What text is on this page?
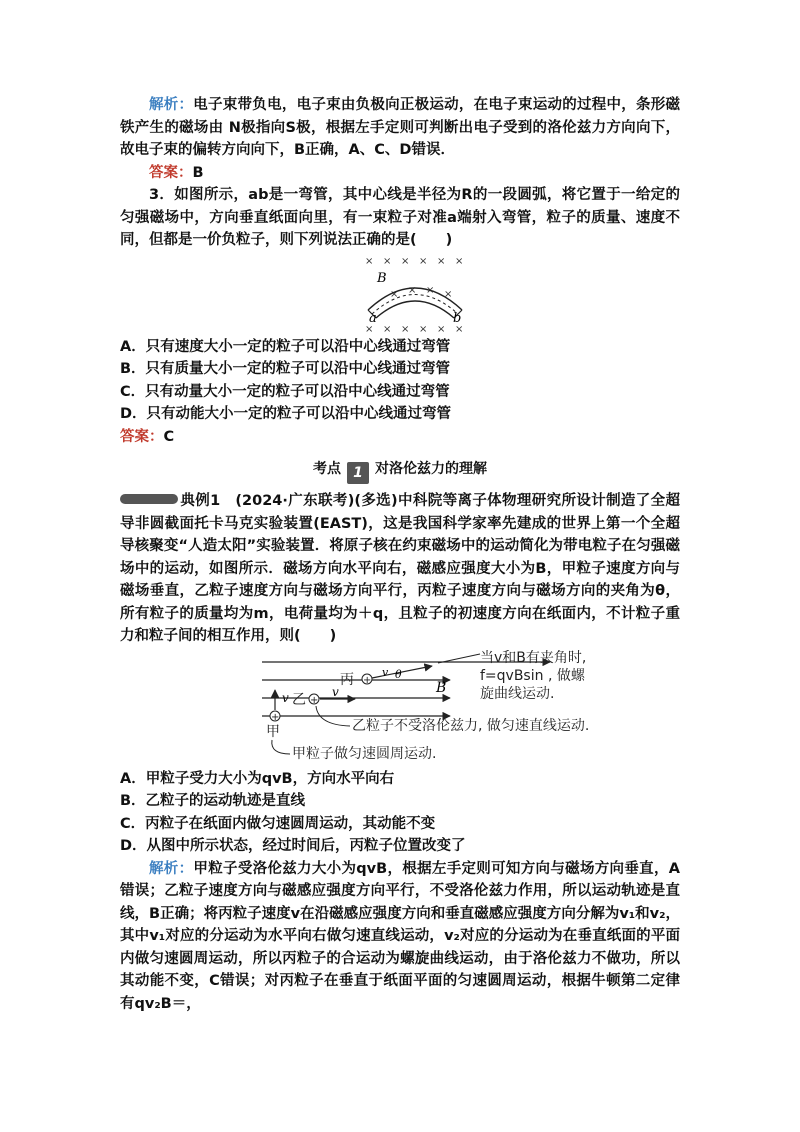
解析：电子束带负电，电子束由负极向正极运动，在电子束运动的过程中，条形磁铁产生的磁场由 N极指向S极，根据左手定则可判断出电子受到的洛伦兹力方向向下，故电子束的偏转方向向下，B正确，A、C、D错误．

答案：B

3．如图所示，ab是一弯管，其中心线是半径为R的一段圆弧，将它置于一给定的匀强磁场中，方向垂直纸面向里，有一束粒子对准a端射入弯管，粒子的质量、速度不同，但都是一价负粒子，则下列说法正确的是(　　)

× × × × × ×
× × × × × ×
× × × ×
B
a	b

A．只有速度大小一定的粒子可以沿中心线通过弯管

B．只有质量大小一定的粒子可以沿中心线通过弯管

C．只有动量大小一定的粒子可以沿中心线通过弯管

D．只有动能大小一定的粒子可以沿中心线通过弯管

答案：C

考点 1 对洛伦兹力的理解

典例1　 (2024·广东联考)(多选)中科院等离子体物理研究所设计制造了全超导非圆截面托卡马克实验装置(EAST)，这是我国科学家率先建成的世界上第一个全超导核聚变“人造太阳”实验装置．将原子核在约束磁场中的运动简化为带电粒子在匀强磁场中的运动，如图所示．磁场方向水平向右，磁感应强度大小为B，甲粒子速度方向与磁场垂直，乙粒子速度方向与磁场方向平行，丙粒子速度方向与磁场方向的夹角为θ，所有粒子的质量均为m，电荷量均为＋q，且粒子的初速度方向在纸面内，不计粒子重力和粒子间的相互作用，则(　　)

丙 +
v θ
B
当v和B有夹角时,
f=qvBsin , 做螺
旋曲线运动.
v 乙 +
v
+
甲	乙粒子不受洛伦兹力, 做匀速直线运动.
甲粒子做匀速圆周运动.

A．甲粒子受力大小为qvB，方向水平向右

B．乙粒子的运动轨迹是直线

C．丙粒子在纸面内做匀速圆周运动，其动能不变

D．从图中所示状态，经过时间后，丙粒子位置改变了

解析：甲粒子受洛伦兹力大小为qvB，根据左手定则可知方向与磁场方向垂直，A错误；乙粒子速度方向与磁感应强度方向平行，不受洛伦兹力作用，所以运动轨迹是直线，B正确；将丙粒子速度v在沿磁感应强度方向和垂直磁感应强度方向分解为v₁和v₂，其中v₁对应的分运动为水平向右做匀速直线运动，v₂对应的分运动为在垂直纸面的平面内做匀速圆周运动，所以丙粒子的合运动为螺旋曲线运动，由于洛伦兹力不做功，所以其动能不变，C错误；对丙粒子在垂直于纸面平面的匀速圆周运动，根据牛顿第二定律有qv₂B＝，
